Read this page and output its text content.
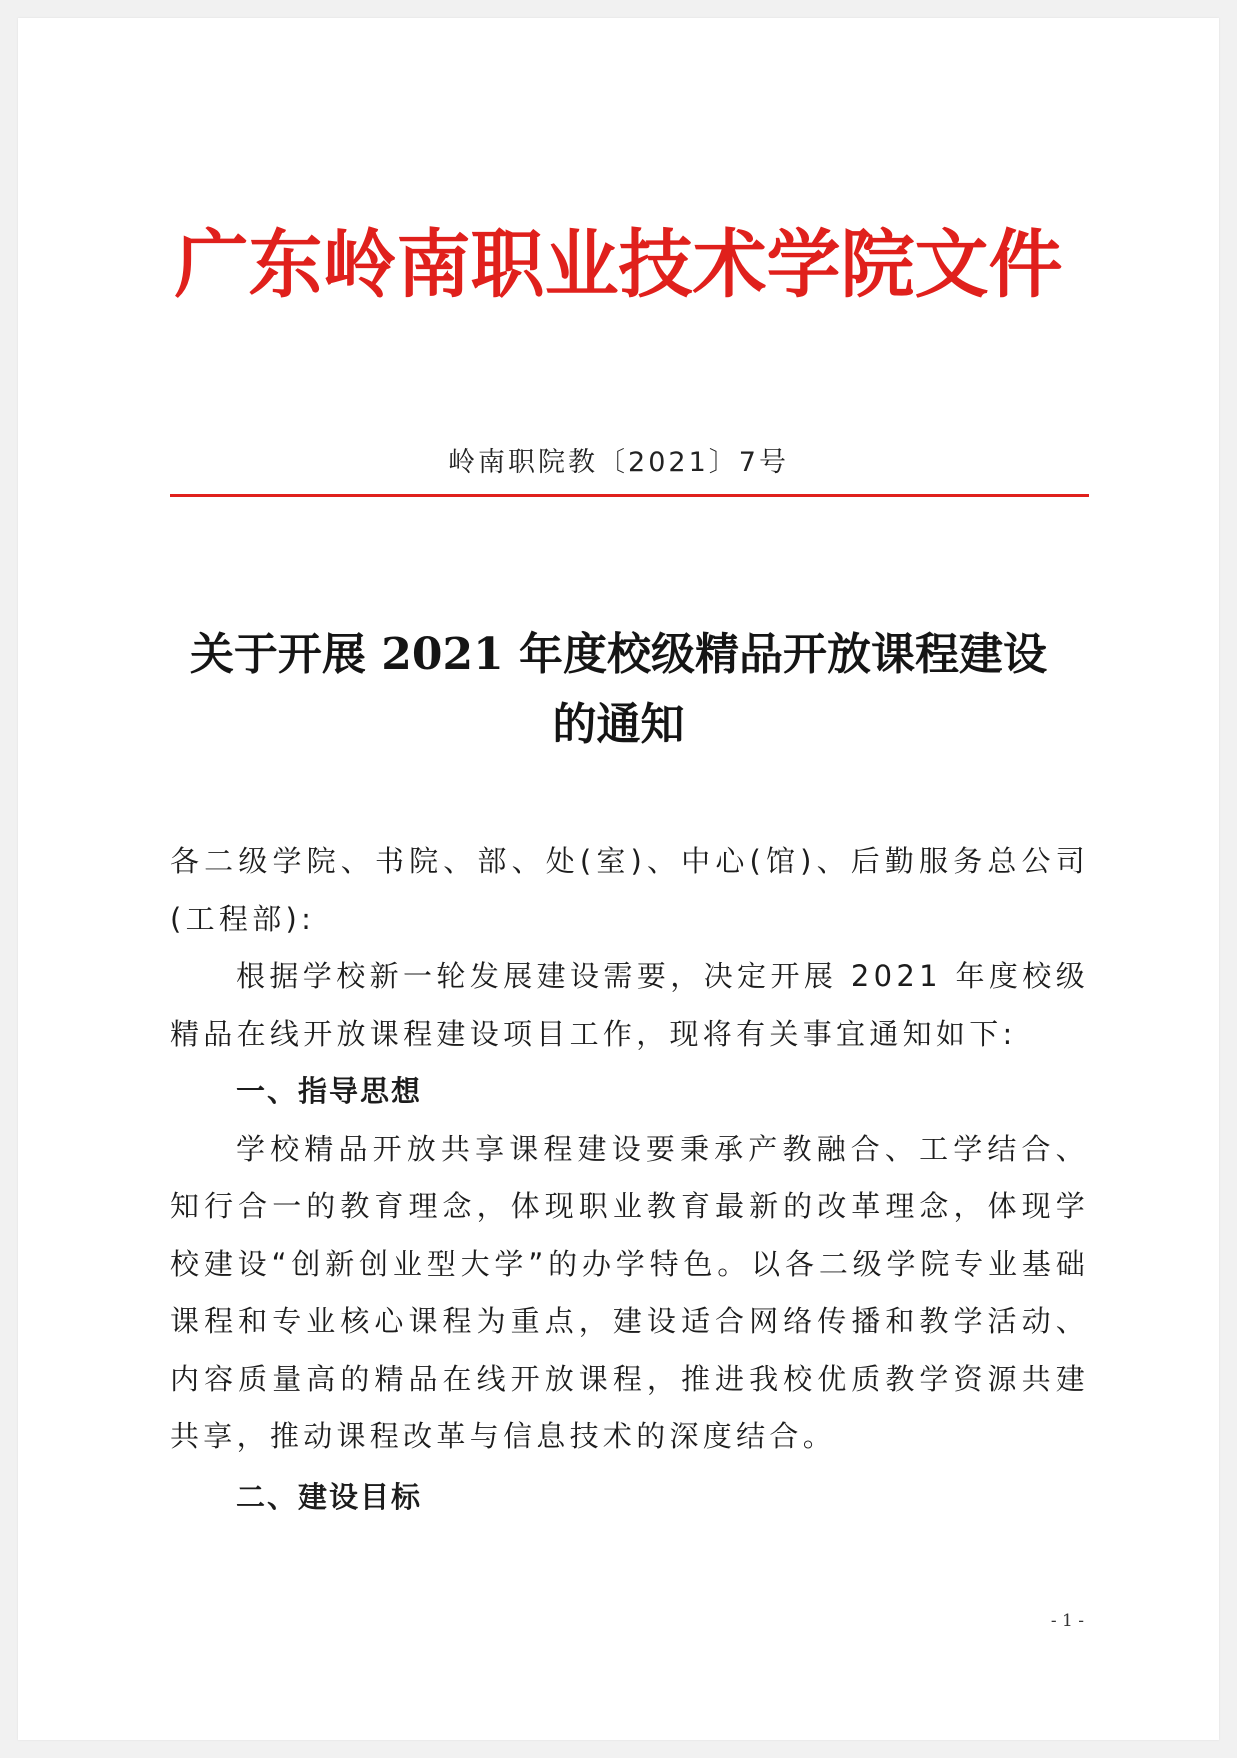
广东岭南职业技术学院文件
岭南职院教〔2021〕7号
关于开展 2021 年度校级精品开放课程建设
的通知

各二级学院、书院、部、处(室)、中心(馆)、后勤服务总公司(工程部):

根据学校新一轮发展建设需要，决定开展 2021 年度校级精品在线开放课程建设项目工作，现将有关事宜通知如下:

一、指导思想

学校精品开放共享课程建设要秉承产教融合、工学结合、知行合一的教育理念，体现职业教育最新的改革理念，体现学校建设“创新创业型大学”的办学特色。以各二级学院专业基础课程和专业核心课程为重点，建设适合网络传播和教学活动、内容质量高的精品在线开放课程，推进我校优质教学资源共建共享，推动课程改革与信息技术的深度结合。

二、建设目标

- 1 -
